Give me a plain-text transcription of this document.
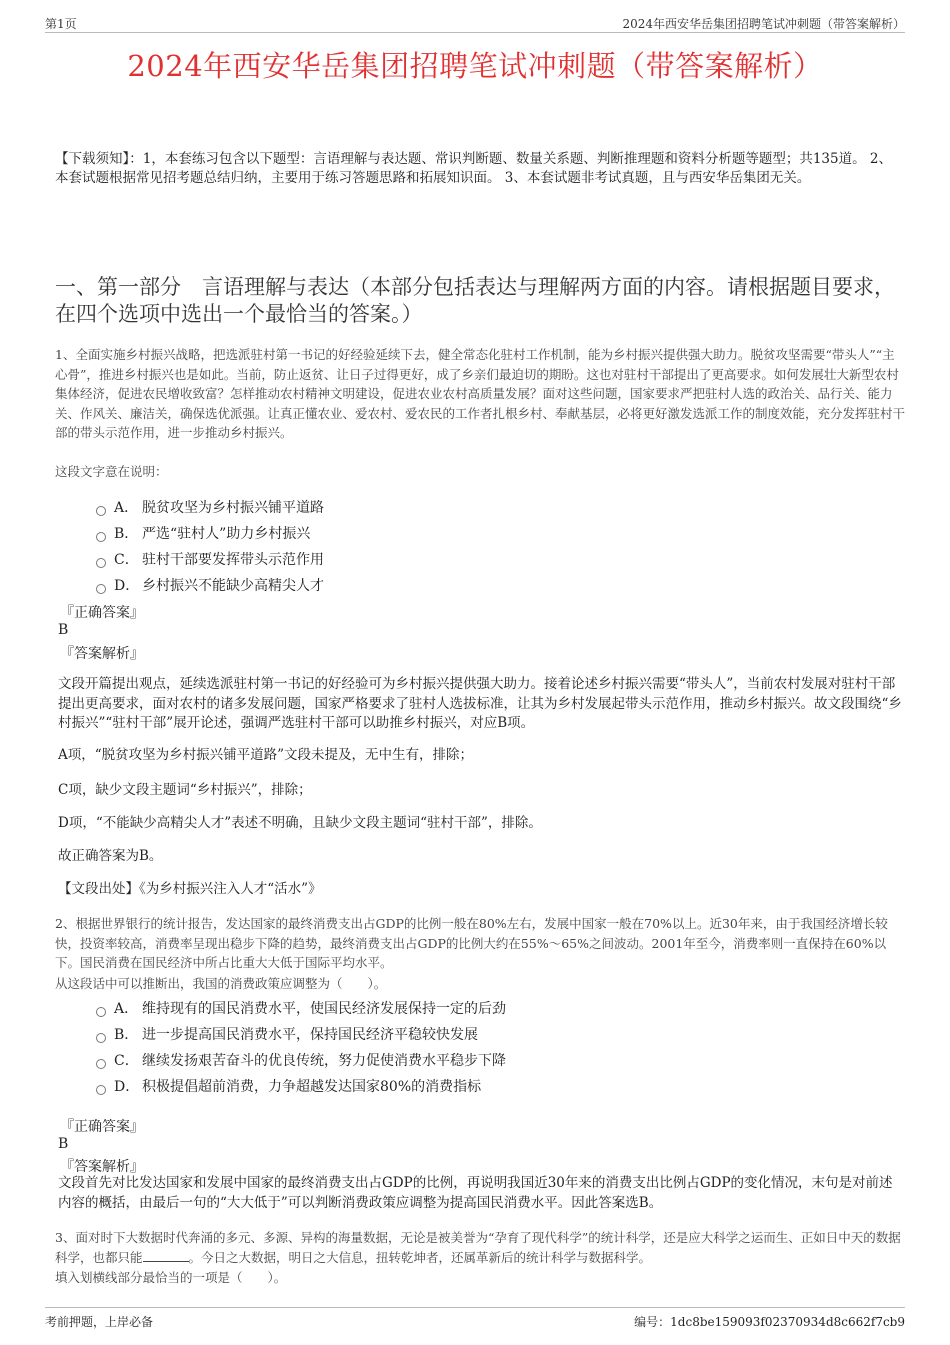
第1页	2024年西安华岳集团招聘笔试冲刺题（带答案解析）
2024年西安华岳集团招聘笔试冲刺题（带答案解析）
【下载须知】：1，本套练习包含以下题型：言语理解与表达题、常识判断题、数量关系题、判断推理题和资料分析题等题型；共135道。 2、本套试题根据常见招考题总结归纳，主要用于练习答题思路和拓展知识面。 3、本套试题非考试真题，且与西安华岳集团无关。
一、第一部分　言语理解与表达（本部分包括表达与理解两方面的内容。请根据题目要求，在四个选项中选出一个最恰当的答案。）
1、全面实施乡村振兴战略，把选派驻村第一书记的好经验延续下去，健全常态化驻村工作机制，能为乡村振兴提供强大助力。脱贫攻坚需要“带头人”“主心骨”，推进乡村振兴也是如此。当前，防止返贫、让日子过得更好，成了乡亲们最迫切的期盼。这也对驻村干部提出了更高要求。如何发展壮大新型农村集体经济，促进农民增收致富？怎样推动农村精神文明建设，促进农业农村高质量发展？面对这些问题，国家要求严把驻村人选的政治关、品行关、能力关、作风关、廉洁关，确保选优派强。让真正懂农业、爱农村、爱农民的工作者扎根乡村、奉献基层，必将更好激发选派工作的制度效能，充分发挥驻村干部的带头示范作用，进一步推动乡村振兴。
这段文字意在说明：
A． 脱贫攻坚为乡村振兴铺平道路
B． 严选“驻村人”助力乡村振兴
C． 驻村干部要发挥带头示范作用
D． 乡村振兴不能缺少高精尖人才
『正确答案』
B
『答案解析』
文段开篇提出观点，延续选派驻村第一书记的好经验可为乡村振兴提供强大助力。接着论述乡村振兴需要“带头人”，当前农村发展对驻村干部提出更高要求，面对农村的诸多发展问题，国家严格要求了驻村人选拔标准，让其为乡村发展起带头示范作用，推动乡村振兴。故文段围绕“乡村振兴”“驻村干部”展开论述，强调严选驻村干部可以助推乡村振兴，对应B项。
A项，“脱贫攻坚为乡村振兴铺平道路”文段未提及，无中生有，排除；
C项，缺少文段主题词“乡村振兴”，排除；
D项，“不能缺少高精尖人才”表述不明确，且缺少文段主题词“驻村干部”，排除。
故正确答案为B。
【文段出处】《为乡村振兴注入人才“活水”》
2、根据世界银行的统计报告，发达国家的最终消费支出占GDP的比例一般在80%左右，发展中国家一般在70%以上。近30年来，由于我国经济增长较快，投资率较高，消费率呈现出稳步下降的趋势，最终消费支出占GDP的比例大约在55%～65%之间波动。2001年至今，消费率则一直保持在60%以下。国民消费在国民经济中所占比重大大低于国际平均水平。
从这段话中可以推断出，我国的消费政策应调整为（　　）。
A． 维持现有的国民消费水平，使国民经济发展保持一定的后劲
B． 进一步提高国民消费水平，保持国民经济平稳较快发展
C． 继续发扬艰苦奋斗的优良传统，努力促使消费水平稳步下降
D． 积极提倡超前消费，力争超越发达国家80%的消费指标
『正确答案』
B
『答案解析』
文段首先对比发达国家和发展中国家的最终消费支出占GDP的比例，再说明我国近30年来的消费支出比例占GDP的变化情况，末句是对前述内容的概括，由最后一句的“大大低于”可以判断消费政策应调整为提高国民消费水平。因此答案选B。
3、面对时下大数据时代奔涌的多元、多源、异构的海量数据，无论是被美誉为“孕育了现代科学”的统计科学，还是应大科学之运而生、正如日中天的数据科学，也都只能	。今日之大数据，明日之大信息，扭转乾坤者，还属革新后的统计科学与数据科学。
填入划横线部分最恰当的一项是（　　）。
考前押题，上岸必备	编号：1dc8be159093f02370934d8c662f7cb9
